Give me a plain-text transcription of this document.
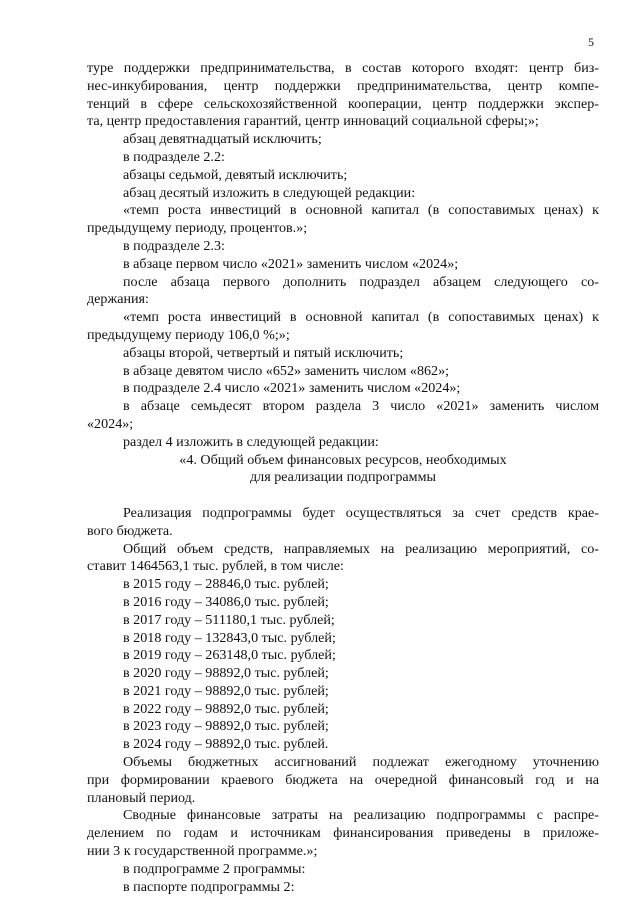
5

туре поддержки предпринимательства, в состав которого входят: центр биз-

нес-инкубирования, центр поддержки предпринимательства, центр компе-

тенций в сфере сельскохозяйственной кооперации, центр поддержки экспер-

та, центр предоставления гарантий, центр инноваций социальной сферы;»;

абзац девятнадцатый исключить;

в подразделе 2.2:

абзацы седьмой, девятый исключить;

абзац десятый изложить в следующей редакции:

«темп роста инвестиций в основной капитал (в сопоставимых ценах) к

предыдущему периоду, процентов.»;

в подразделе 2.3:

в абзаце первом число «2021» заменить числом «2024»;

после абзаца первого дополнить подраздел абзацем следующего со-

держания:

«темп роста инвестиций в основной капитал (в сопоставимых ценах) к

предыдущему периоду 106,0 %;»;

абзацы второй, четвертый и пятый исключить;

в абзаце девятом число «652» заменить числом «862»;

в подразделе 2.4 число «2021» заменить числом «2024»;

в абзаце семьдесят втором раздела 3 число «2021» заменить числом

«2024»;

раздел 4 изложить в следующей редакции:

«4. Общий объем финансовых ресурсов, необходимых

для реализации подпрограммы

Реализация подпрограммы будет осуществляться за счет средств крае-

вого бюджета.

Общий объем средств, направляемых на реализацию мероприятий, со-

ставит 1464563,1 тыс. рублей, в том числе:

в 2015 году – 28846,0 тыс. рублей;

в 2016 году – 34086,0 тыс. рублей;

в 2017 году – 511180,1 тыс. рублей;

в 2018 году – 132843,0 тыс. рублей;

в 2019 году – 263148,0 тыс. рублей;

в 2020 году – 98892,0 тыс. рублей;

в 2021 году – 98892,0 тыс. рублей;

в 2022 году – 98892,0 тыс. рублей;

в 2023 году – 98892,0 тыс. рублей;

в 2024 году – 98892,0 тыс. рублей.

Объемы бюджетных ассигнований подлежат ежегодному уточнению

при формировании краевого бюджета на очередной финансовый год и на

плановый период.

Сводные финансовые затраты на реализацию подпрограммы с распре-

делением по годам и источникам финансирования приведены в приложе-

нии 3 к государственной программе.»;

в подпрограмме 2 программы:

в паспорте подпрограммы 2:
